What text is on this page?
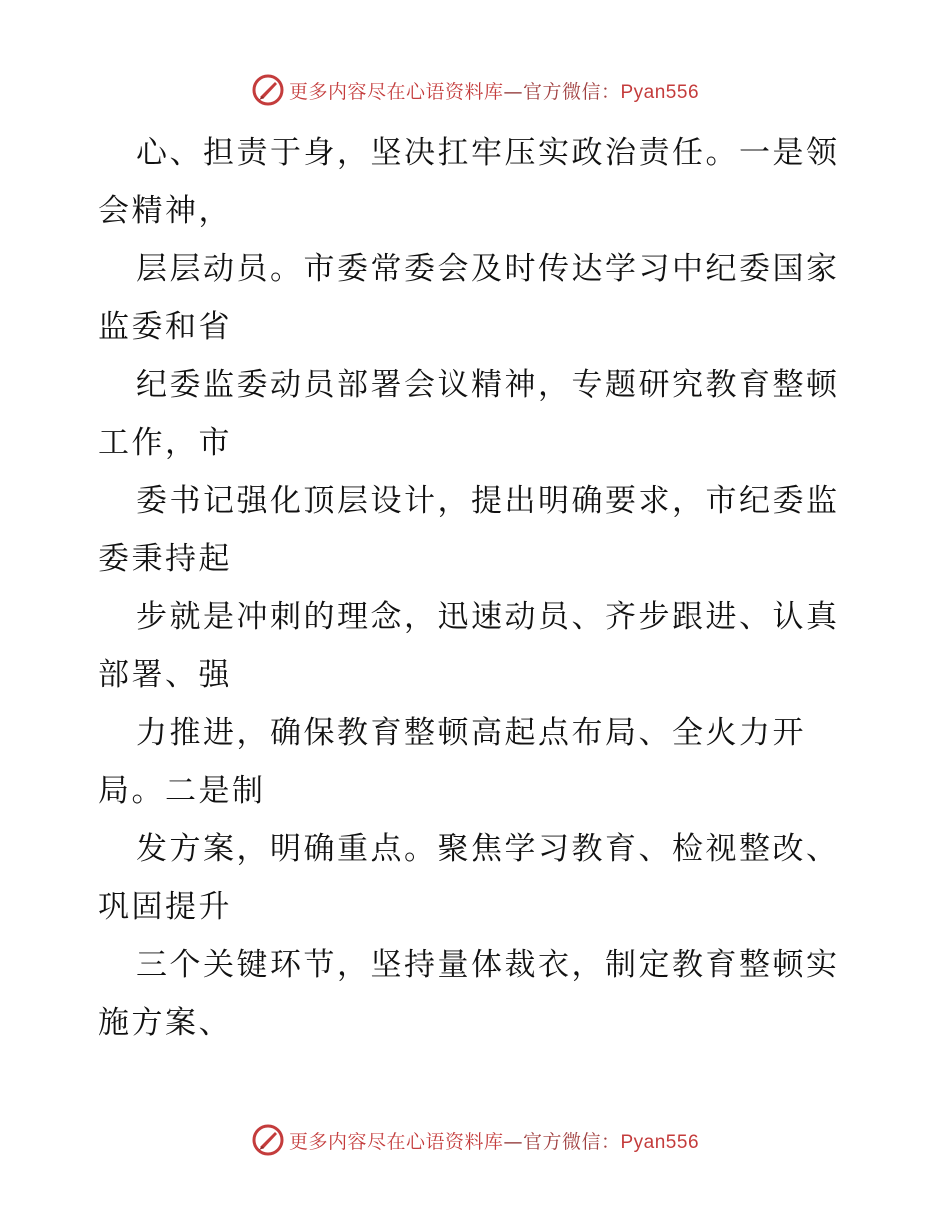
更多内容尽在心语资料库—官方微信：Pyan556

心、担责于身，坚决扛牢压实政治责任。一是领

会精神，

层层动员。市委常委会及时传达学习中纪委国家

监委和省

纪委监委动员部署会议精神，专题研究教育整顿

工作，市

委书记强化顶层设计，提出明确要求，市纪委监

委秉持起

步就是冲刺的理念，迅速动员、齐步跟进、认真

部署、强

力推进，确保教育整顿高起点布局、全火力开

局。二是制

发方案，明确重点。聚焦学习教育、检视整改、

巩固提升

三个关键环节，坚持量体裁衣，制定教育整顿实

施方案、

更多内容尽在心语资料库—官方微信：Pyan556
